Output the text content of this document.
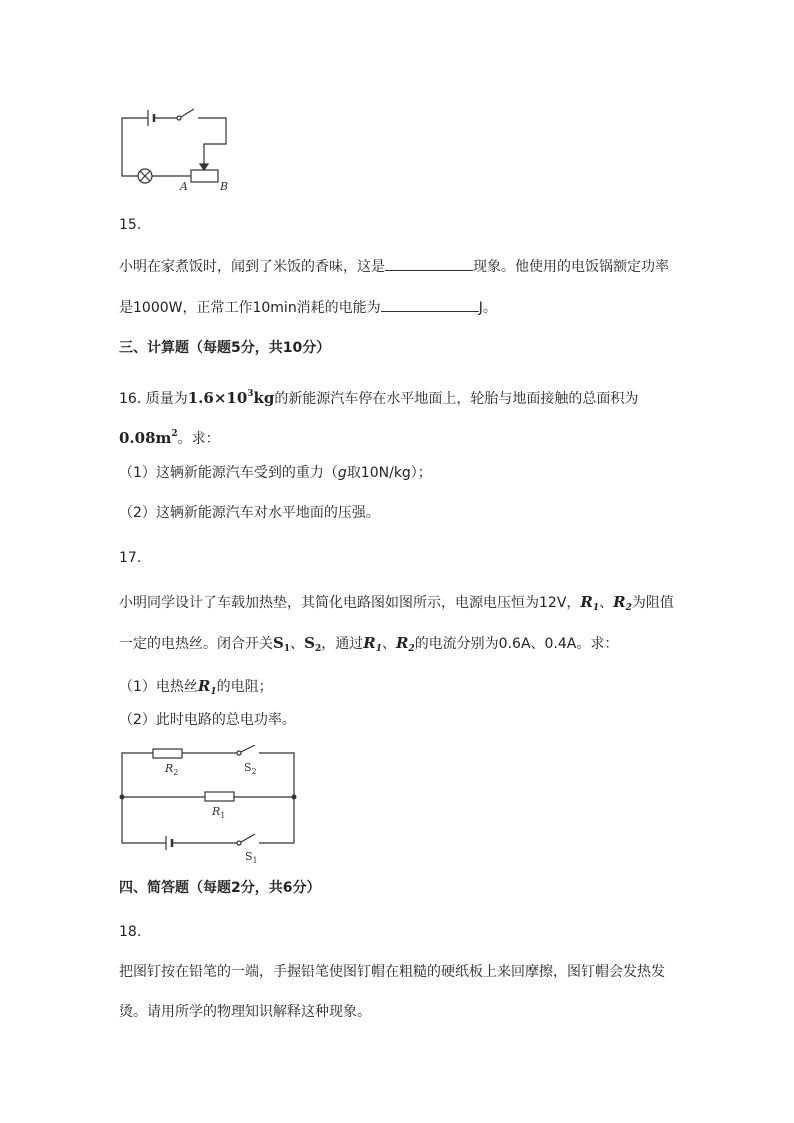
A	B
15.
小明在家煮饭时，闻到了米饭的香味，这是	现象。他使用的电饭锅额定功率
是1000W，正常工作10min消耗的电能为	J。
三、计算题（每题5分，共10分）
16. 质量为$1.6\times 10^3kg$的新能源汽车停在水平地面上，轮胎与地面接触的总面积为
$0.08m^2$。求：
（1）这辆新能源汽车受到的重力（g取10N/kg）；
（2）这辆新能源汽车对水平地面的压强。
17.
小明同学设计了车载加热垫，其简化电路图如图所示，电源电压恒为12V，$R_1$、$R_2$为阻值
一定的电热丝。闭合开关$S_1$、$S_2$，通过$R_1$、$R_2$的电流分别为0.6A、0.4A。求：
（1）电热丝$R_1$的电阻；
（2）此时电路的总电功率。
$R_2$	$S_2$
$R_1$
$S_1$
四、简答题（每题2分，共6分）
18.
把图钉按在铅笔的一端，手握铅笔使图钉帽在粗糙的硬纸板上来回摩擦，图钉帽会发热发
烫。请用所学的物理知识解释这种现象。
